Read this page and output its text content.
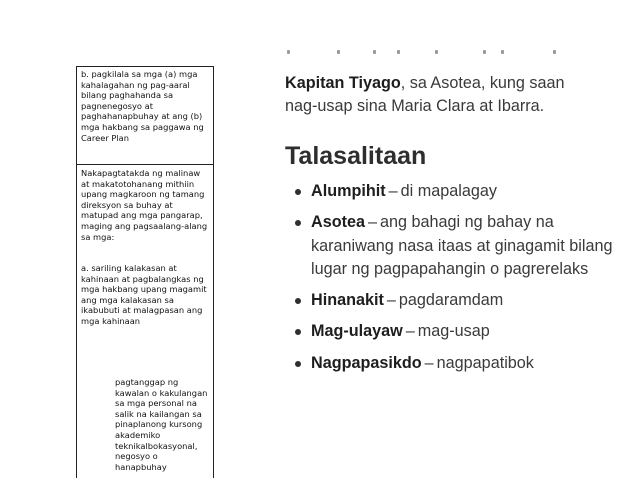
b. pagkilala sa mga (a) mga kahalagahan ng pag-aaral bilang paghahanda sa pagnenegosyo at paghahanapbuhay at ang (b) mga hakbang sa paggawa ng Career Plan

Nakapagtatakda ng malinaw at makatotohanang mithiin upang magkaroon ng tamang direksyon sa buhay at matupad ang mga pangarap, maging ang pagsaalang-alang sa mga:

a. sariling kalakasan at kahinaan at pagbalangkas ng mga hakbang upang magamit ang mga kalakasan sa ikabubuti at malagpasan ang mga kahinaan

pagtanggap ng kawalan o kakulangan sa mga personal na salik na kailangan sa pinaplanong kursong akademiko teknikalbokasyonal, negosyo o hanapbuhay

Kapitan Tiyago, sa Asotea, kung saan nag-usap sina Maria Clara at Ibarra.

Talasalitaan
Alumpihit – di mapalagay
Asotea – ang bahagi ng bahay na karaniwang nasa itaas at ginagamit bilang lugar ng pagpapahangin o pagrerelaks
Hinanakit – pagdaramdam
Mag-ulayaw – mag-usap
Nagpapasikdo – nagpapatibok
